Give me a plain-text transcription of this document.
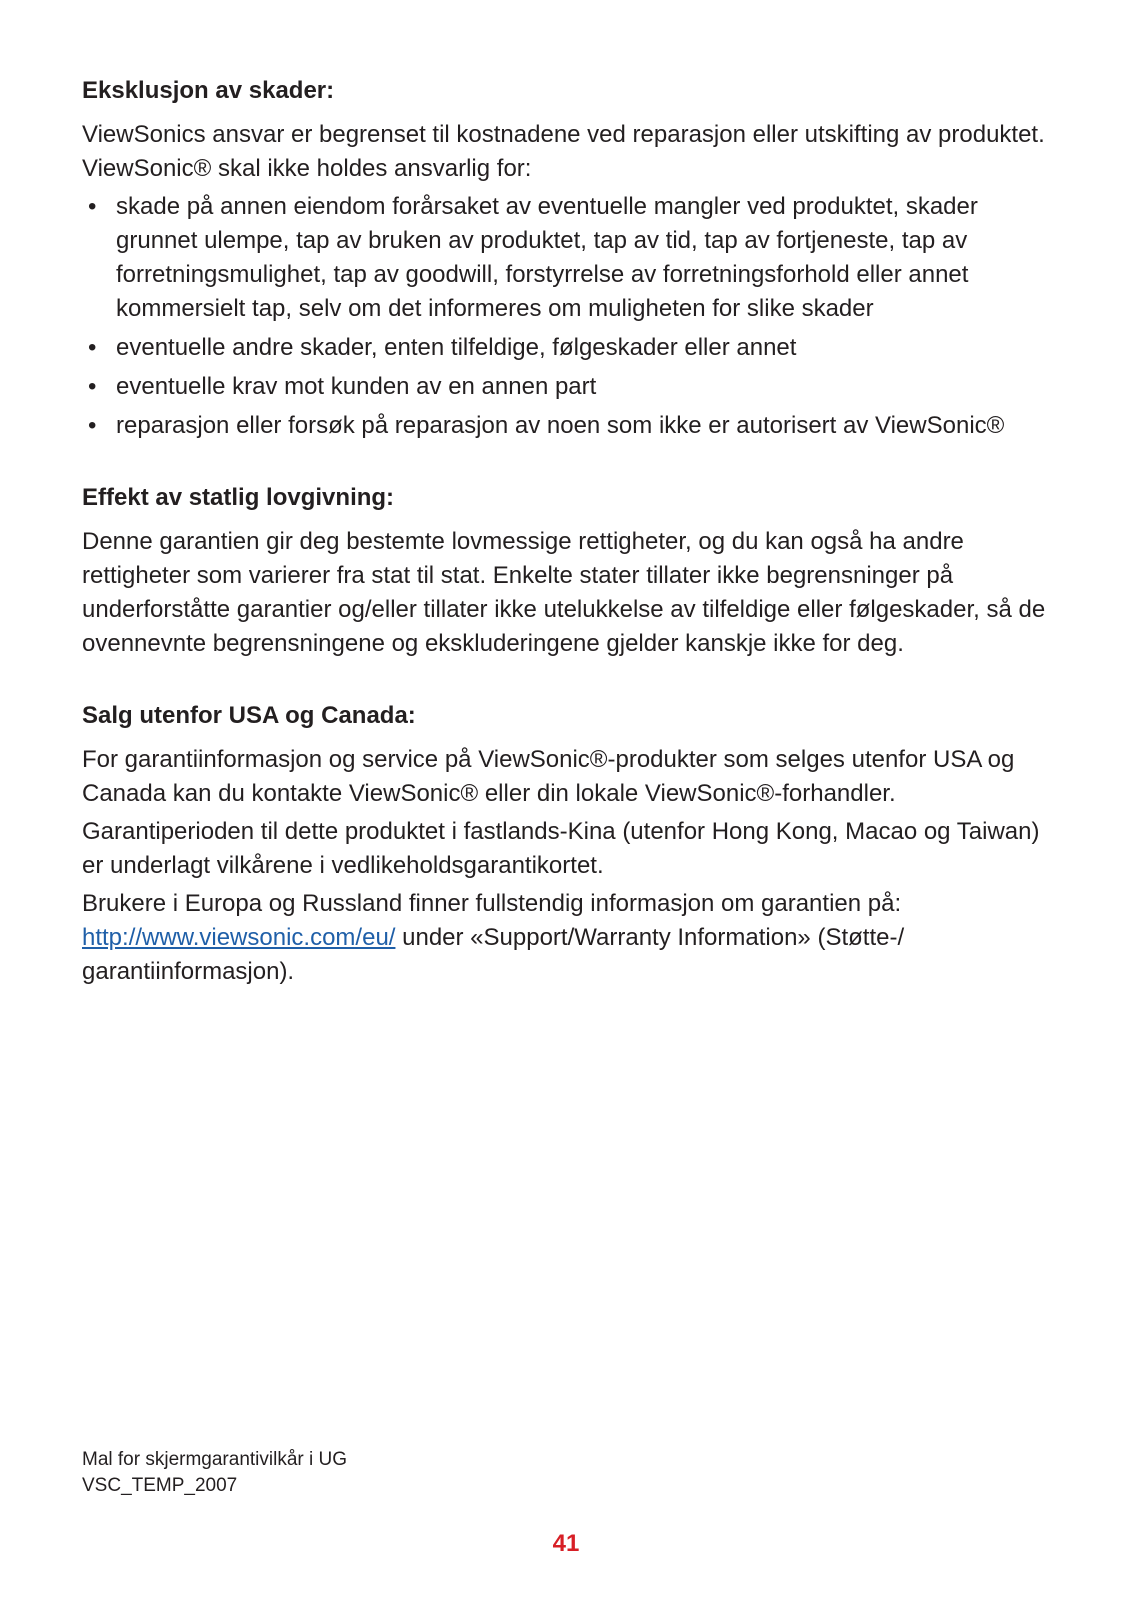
Eksklusjon av skader:

ViewSonics ansvar er begrenset til kostnadene ved reparasjon eller utskifting av produktet. ViewSonic® skal ikke holdes ansvarlig for:

• skade på annen eiendom forårsaket av eventuelle mangler ved produktet, skader grunnet ulempe, tap av bruken av produktet, tap av tid, tap av fortjeneste, tap av forretningsmulighet, tap av goodwill, forstyrrelse av forretningsforhold eller annet kommersielt tap, selv om det informeres om muligheten for slike skader
• eventuelle andre skader, enten tilfeldige, følgeskader eller annet
• eventuelle krav mot kunden av en annen part
• reparasjon eller forsøk på reparasjon av noen som ikke er autorisert av ViewSonic®
Effekt av statlig lovgivning:

Denne garantien gir deg bestemte lovmessige rettigheter, og du kan også ha andre rettigheter som varierer fra stat til stat. Enkelte stater tillater ikke begrensninger på underforståtte garantier og/eller tillater ikke utelukkelse av tilfeldige eller følgeskader, så de ovennevnte begrensningene og ekskluderingene gjelder kanskje ikke for deg.

Salg utenfor USA og Canada:

For garantiinformasjon og service på ViewSonic®-produkter som selges utenfor USA og Canada kan du kontakte ViewSonic® eller din lokale ViewSonic®-forhandler.

Garantiperioden til dette produktet i fastlands-Kina (utenfor Hong Kong, Macao og Taiwan) er underlagt vilkårene i vedlikeholdsgarantikortet.

Brukere i Europa og Russland finner fullstendig informasjon om garantien på: http://www.viewsonic.com/eu/ under «Support/Warranty Information» (Støtte-/ garantiinformasjon).

Mal for skjermgarantivilkår i UG
VSC_TEMP_2007
41
